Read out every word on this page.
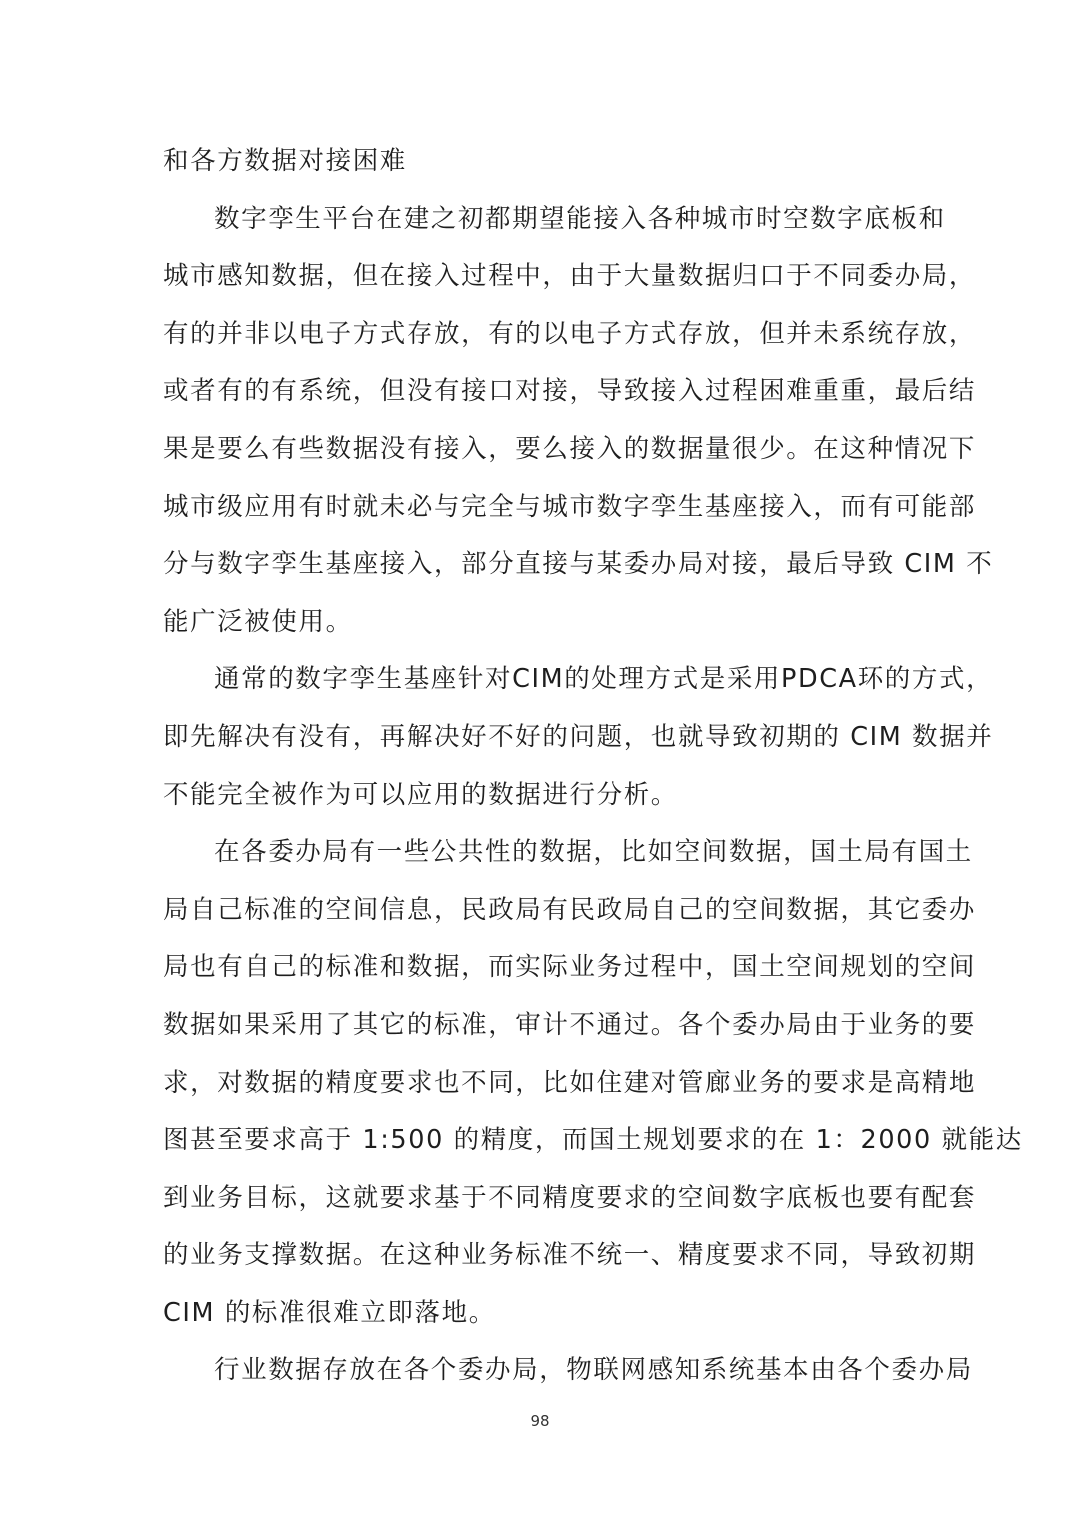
和各方数据对接困难
数字孪生平台在建之初都期望能接入各种城市时空数字底板和
城市感知数据，但在接入过程中，由于大量数据归口于不同委办局，
有的并非以电子方式存放，有的以电子方式存放，但并未系统存放，
或者有的有系统，但没有接口对接，导致接入过程困难重重，最后结
果是要么有些数据没有接入，要么接入的数据量很少。在这种情况下
城市级应用有时就未必与完全与城市数字孪生基座接入，而有可能部
分与数字孪生基座接入，部分直接与某委办局对接，最后导致 CIM 不
能广泛被使用。
通常的数字孪生基座针对CIM的处理方式是采用PDCA环的方式，
即先解决有没有，再解决好不好的问题，也就导致初期的 CIM 数据并
不能完全被作为可以应用的数据进行分析。
在各委办局有一些公共性的数据，比如空间数据，国土局有国土
局自己标准的空间信息，民政局有民政局自己的空间数据，其它委办
局也有自己的标准和数据，而实际业务过程中，国土空间规划的空间
数据如果采用了其它的标准，审计不通过。各个委办局由于业务的要
求，对数据的精度要求也不同，比如住建对管廊业务的要求是高精地
图甚至要求高于 1:500 的精度，而国土规划要求的在 1：2000 就能达
到业务目标，这就要求基于不同精度要求的空间数字底板也要有配套
的业务支撑数据。在这种业务标准不统一、精度要求不同，导致初期
CIM 的标准很难立即落地。
行业数据存放在各个委办局，物联网感知系统基本由各个委办局
98
